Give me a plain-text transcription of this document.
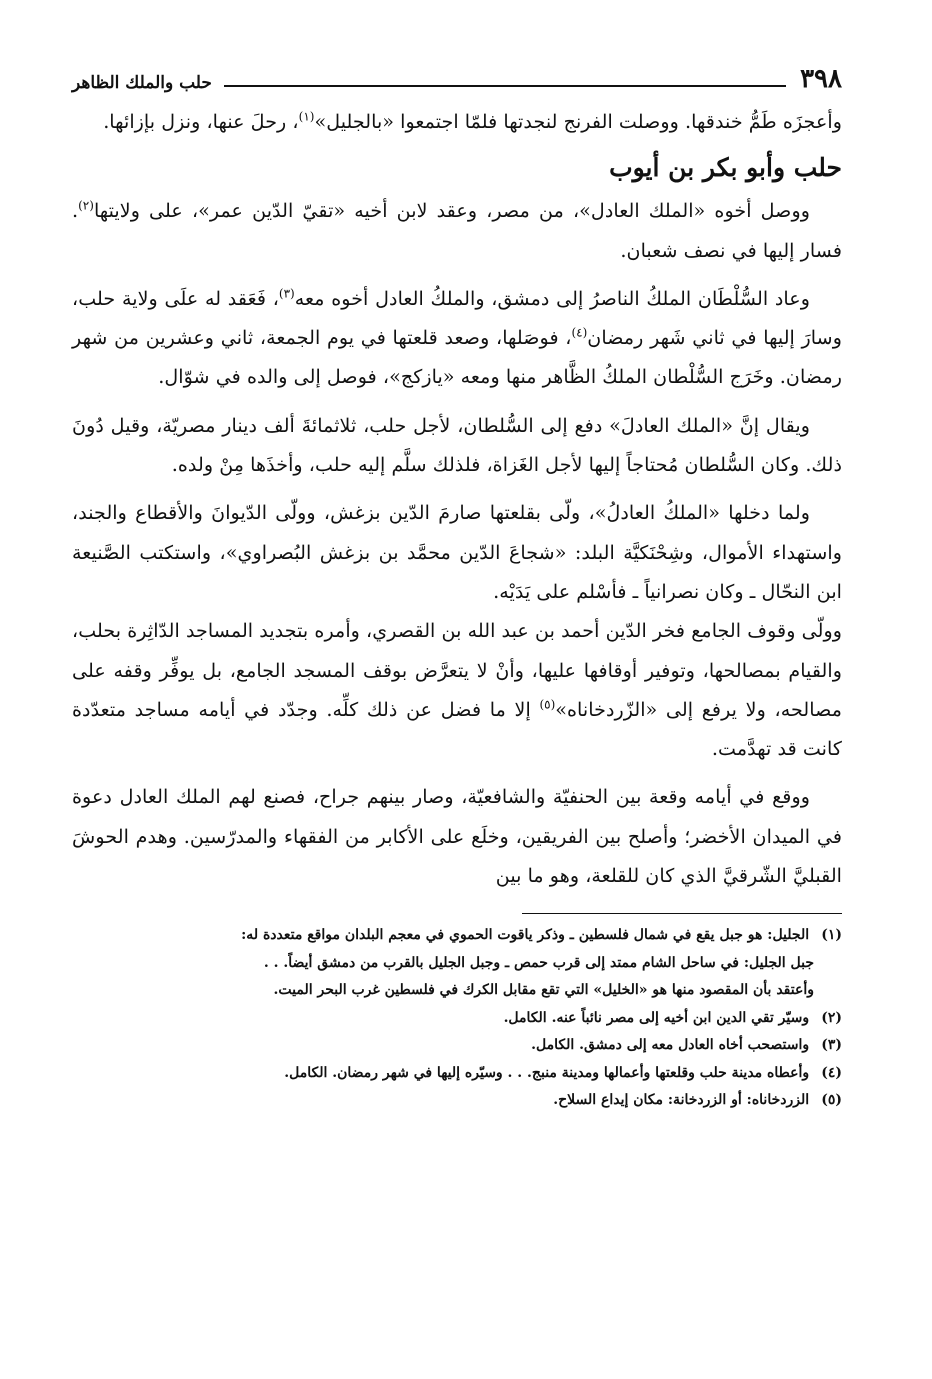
٣٩٨
حلب والملك الظاهر

وأعجزَه طَمُّ خندقها. ووصلت الفرنج لنجدتها فلمّا اجتمعوا «بالجليل»$^{(١)}$، رحلَ عنها، ونزل بإزائها.

حلب وأبو بكر بن أيوب

ووصل أخوه «الملك العادل»، من مصر، وعقد لابن أخيه «تقيّ الدّين عمر»، على ولايتها$^{(٢)}$. فسار إليها في نصف شعبان.

وعاد السُّلْطَان الملكُ الناصرُ إلى دمشق، والملكُ العادل أخوه معه$^{(٣)}$، فَعَقد له علَى ولاية حلب، وسارَ إليها في ثاني شَهر رمضان$^{(٤)}$، فوصَلها، وصعد قلعتها في يوم الجمعة، ثاني وعشرين من شهر رمضان. وخَرَج السُّلْطان الملكُ الظَّاهر منها ومعه «يازكج»، فوصل إلى والده في شوّال.

ويقال إنَّ «الملك العادلَ» دفع إلى السُّلطان، لأجل حلب، ثلاثمائةَ ألف دينار مصريّة، وقيل دُونَ ذلك. وكان السُّلطان مُحتاجاً إليها لأجل الغَزاة، فلذلك سلَّم إليه حلب، وأخذَها مِنْ ولده.

ولما دخلها «الملكُ العادلُ»، ولّى بقلعتها صارمَ الدّين بزغش، وولّى الدّيوانَ والأقطاع والجند، واستهداء الأموال، وشِحْنَكيَّة البلد: «شجاعَ الدّين محمَّد بن بزغش البُصراوي»، واستكتب الصَّنيعة ابن النحّال ـ وكان نصرانياً ـ فأسْلم على يَدَيْه.

وولّى وقوف الجامع فخر الدّين أحمد بن عبد الله بن القصري، وأمره بتجديد المساجد الدّاثِرة بحلب، والقيام بمصالحها، وتوفير أوقافها عليها، وأنْ لا يتعرَّض بوقف المسجد الجامع، بل يوفِّر وقفه على مصالحه، ولا يرفع إلى «الزّردخاناه»$^{(٥)}$ إلا ما فضل عن ذلك كلِّه. وجدّد في أيامه مساجد متعدّدة كانت قد تهدَّمت.

ووقع في أيامه وقعة بين الحنفيّة والشافعيّة، وصار بينهم جراح، فصنع لهم الملك العادل دعوة في الميدان الأخضر؛ وأصلح بين الفريقين، وخلَع على الأكابر من الفقهاء والمدرّسين. وهدم الحوشَ القبليَّ الشّرقيَّ الذي كان للقلعة، وهو ما بين

(١) الجليل: هو جبل يقع في شمال فلسطين ـ وذكر ياقوت الحموي في معجم البلدان مواقع متعددة له:

جبل الجليل: في ساحل الشام ممتد إلى قرب حمص ـ وجبل الجليل بالقرب من دمشق أيضاً. . .

وأعتقد بأن المقصود منها هو «الخليل» التي تقع مقابل الكرك في فلسطين غرب البحر الميت.

(٢) وسيّر تقي الدين ابن أخيه إلى مصر نائباً عنه. الكامل.

(٣) واستصحب أخاه العادل معه إلى دمشق. الكامل.

(٤) وأعطاه مدينة حلب وقلعتها وأعمالها ومدينة منبج. . . وسيّره إليها في شهر رمضان. الكامل.

(٥) الزردخاناه: أو الزردخانة: مكان إيداع السلاح.
